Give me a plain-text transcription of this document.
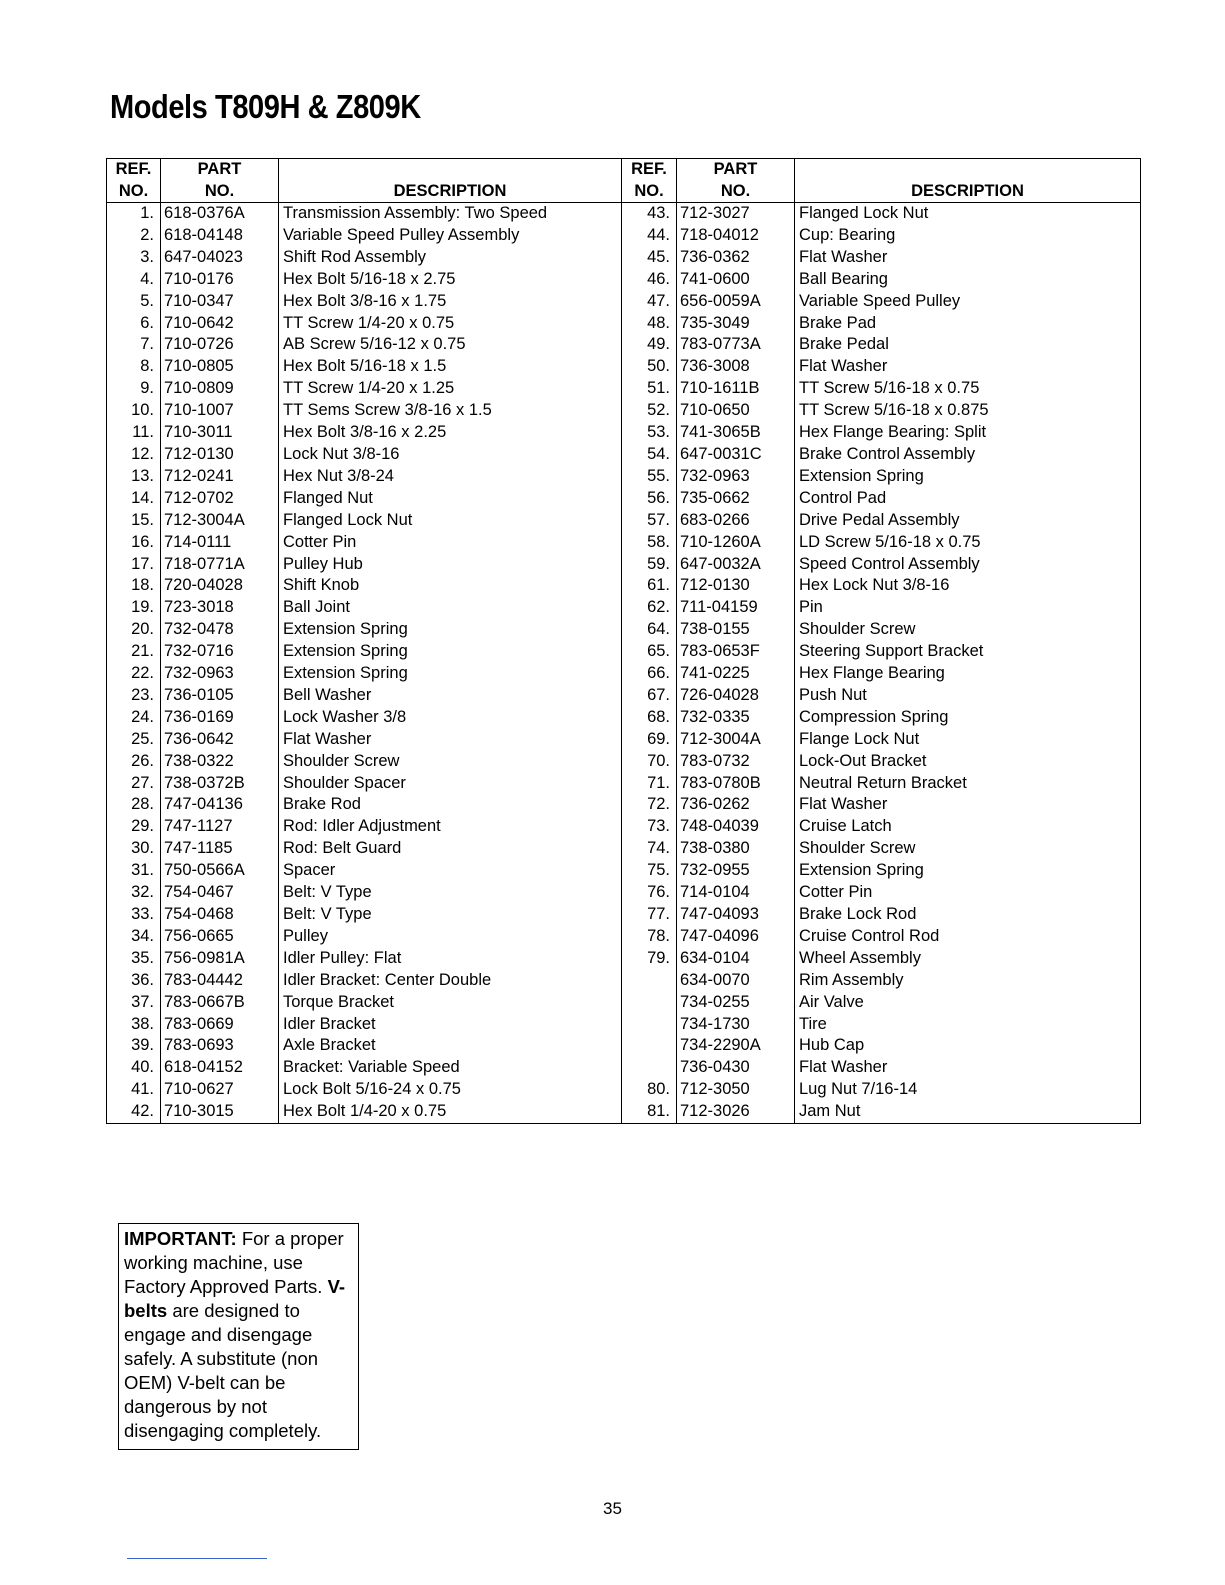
Models T809H & Z809K
REF.
NO.	PART
NO.	DESCRIPTION	REF.
NO.	PART
NO.	DESCRIPTION
1.	618-0376A	Transmission Assembly: Two Speed	43.	712-3027	Flanged Lock Nut
2.	618-04148	Variable Speed Pulley Assembly	44.	718-04012	Cup: Bearing
3.	647-04023	Shift Rod Assembly	45.	736-0362	Flat Washer
4.	710-0176	Hex Bolt 5/16-18 x 2.75	46.	741-0600	Ball Bearing
5.	710-0347	Hex Bolt 3/8-16 x 1.75	47.	656-0059A	Variable Speed Pulley
6.	710-0642	TT Screw 1/4-20 x 0.75	48.	735-3049	Brake Pad
7.	710-0726	AB Screw 5/16-12 x 0.75	49.	783-0773A	Brake Pedal
8.	710-0805	Hex Bolt 5/16-18 x 1.5	50.	736-3008	Flat Washer
9.	710-0809	TT Screw 1/4-20 x 1.25	51.	710-1611B	TT Screw 5/16-18 x 0.75
10.	710-1007	TT Sems Screw 3/8-16 x 1.5	52.	710-0650	TT Screw 5/16-18 x 0.875
11.	710-3011	Hex Bolt 3/8-16 x 2.25	53.	741-3065B	Hex Flange Bearing: Split
12.	712-0130	Lock Nut 3/8-16	54.	647-0031C	Brake Control Assembly
13.	712-0241	Hex Nut 3/8-24	55.	732-0963	Extension Spring
14.	712-0702	Flanged Nut	56.	735-0662	Control Pad
15.	712-3004A	Flanged Lock Nut	57.	683-0266	Drive Pedal Assembly
16.	714-0111	Cotter Pin	58.	710-1260A	LD Screw 5/16-18 x 0.75
17.	718-0771A	Pulley Hub	59.	647-0032A	Speed Control Assembly
18.	720-04028	Shift Knob	61.	712-0130	Hex Lock Nut 3/8-16
19.	723-3018	Ball Joint	62.	711-04159	Pin
20.	732-0478	Extension Spring	64.	738-0155	Shoulder Screw
21.	732-0716	Extension Spring	65.	783-0653F	Steering Support Bracket
22.	732-0963	Extension Spring	66.	741-0225	Hex Flange Bearing
23.	736-0105	Bell Washer	67.	726-04028	Push Nut
24.	736-0169	Lock Washer 3/8	68.	732-0335	Compression Spring
25.	736-0642	Flat Washer	69.	712-3004A	Flange Lock Nut
26.	738-0322	Shoulder Screw	70.	783-0732	Lock-Out Bracket
27.	738-0372B	Shoulder Spacer	71.	783-0780B	Neutral Return Bracket
28.	747-04136	Brake Rod	72.	736-0262	Flat Washer
29.	747-1127	Rod: Idler Adjustment	73.	748-04039	Cruise Latch
30.	747-1185	Rod: Belt Guard	74.	738-0380	Shoulder Screw
31.	750-0566A	Spacer	75.	732-0955	Extension Spring
32.	754-0467	Belt: V Type	76.	714-0104	Cotter Pin
33.	754-0468	Belt: V Type	77.	747-04093	Brake Lock Rod
34.	756-0665	Pulley	78.	747-04096	Cruise Control Rod
35.	756-0981A	Idler Pulley: Flat	79.	634-0104	Wheel Assembly
36.	783-04442	Idler Bracket: Center Double		634-0070	Rim Assembly
37.	783-0667B	Torque Bracket		734-0255	Air Valve
38.	783-0669	Idler Bracket		734-1730	Tire
39.	783-0693	Axle Bracket		734-2290A	Hub Cap
40.	618-04152	Bracket: Variable Speed		736-0430	Flat Washer
41.	710-0627	Lock Bolt 5/16-24 x 0.75	80.	712-3050	Lug Nut 7/16-14
42.	710-3015	Hex Bolt 1/4-20 x 0.75	81.	712-3026	Jam Nut
IMPORTANT: For a proper working machine, use Factory Approved Parts. V-belts are designed to engage and disengage safely. A substitute (non OEM) V-belt can be dangerous by not disengaging completely.
35
